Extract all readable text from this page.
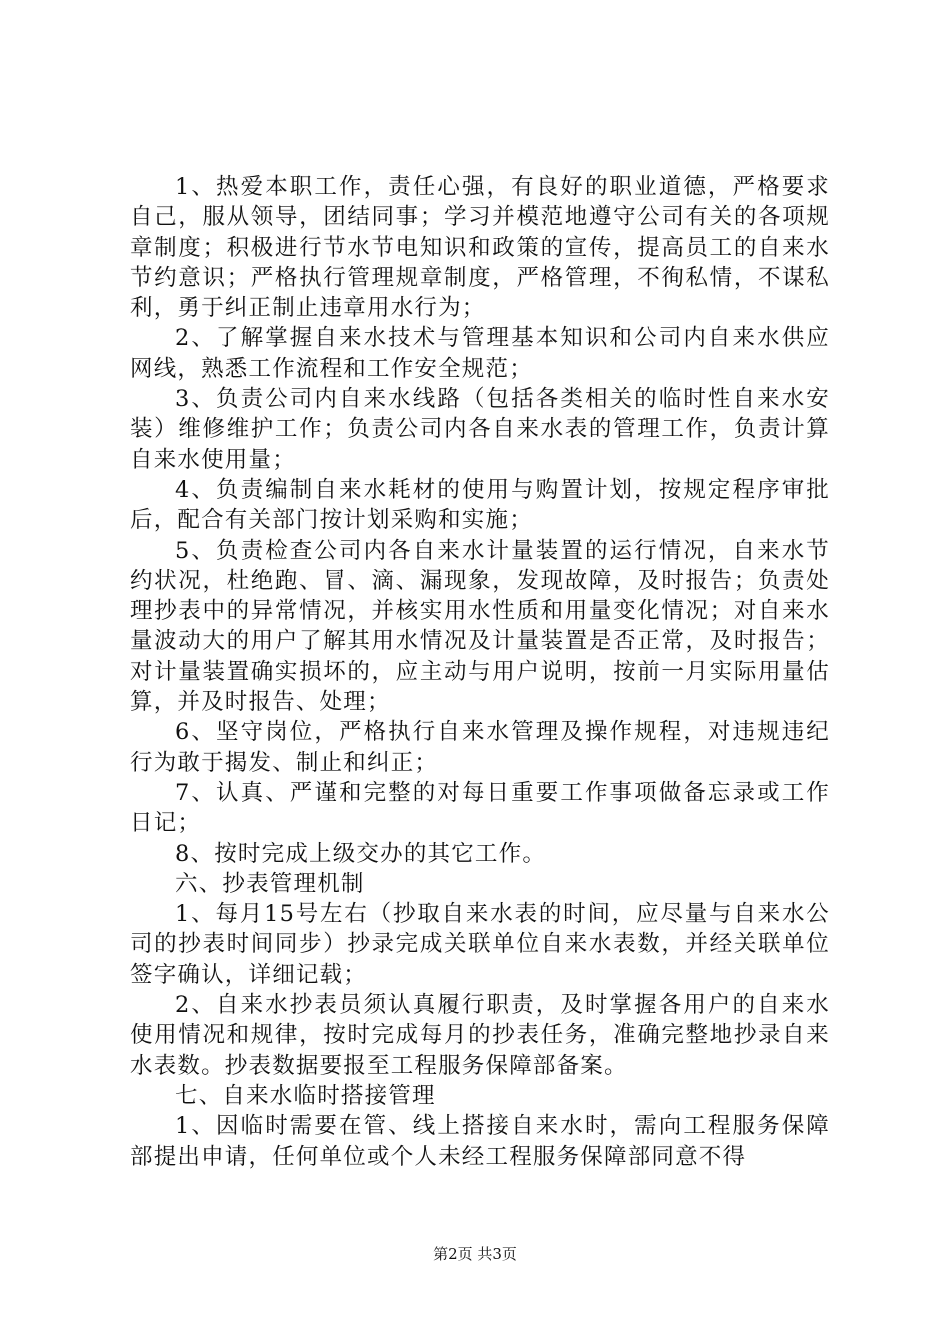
1、热爱本职工作，责任心强，有良好的职业道德，严格要求自己，服从领导，团结同事；学习并模范地遵守公司有关的各项规章制度；积极进行节水节电知识和政策的宣传，提高员工的自来水节约意识；严格执行管理规章制度，严格管理，不徇私情，不谋私利，勇于纠正制止违章用水行为；

2、了解掌握自来水技术与管理基本知识和公司内自来水供应网线，熟悉工作流程和工作安全规范；

3、负责公司内自来水线路（包括各类相关的临时性自来水安装）维修维护工作；负责公司内各自来水表的管理工作，负责计算自来水使用量；

4、负责编制自来水耗材的使用与购置计划，按规定程序审批后，配合有关部门按计划采购和实施；

5、负责检查公司内各自来水计量装置的运行情况，自来水节约状况，杜绝跑、冒、滴、漏现象，发现故障，及时报告；负责处理抄表中的异常情况，并核实用水性质和用量变化情况；对自来水量波动大的用户了解其用水情况及计量装置是否正常，及时报告；对计量装置确实损坏的，应主动与用户说明，按前一月实际用量估算，并及时报告、处理；

6、坚守岗位，严格执行自来水管理及操作规程，对违规违纪行为敢于揭发、制止和纠正；

7、认真、严谨和完整的对每日重要工作事项做备忘录或工作日记；

8、按时完成上级交办的其它工作。

六、抄表管理机制

1、每月15号左右（抄取自来水表的时间，应尽量与自来水公司的抄表时间同步）抄录完成关联单位自来水表数，并经关联单位签字确认，详细记载；

2、自来水抄表员须认真履行职责，及时掌握各用户的自来水使用情况和规律，按时完成每月的抄表任务，准确完整地抄录自来水表数。抄表数据要报至工程服务保障部备案。

七、自来水临时搭接管理

1、因临时需要在管、线上搭接自来水时，需向工程服务保障部提出申请，任何单位或个人未经工程服务保障部同意不得

第2页 共3页
